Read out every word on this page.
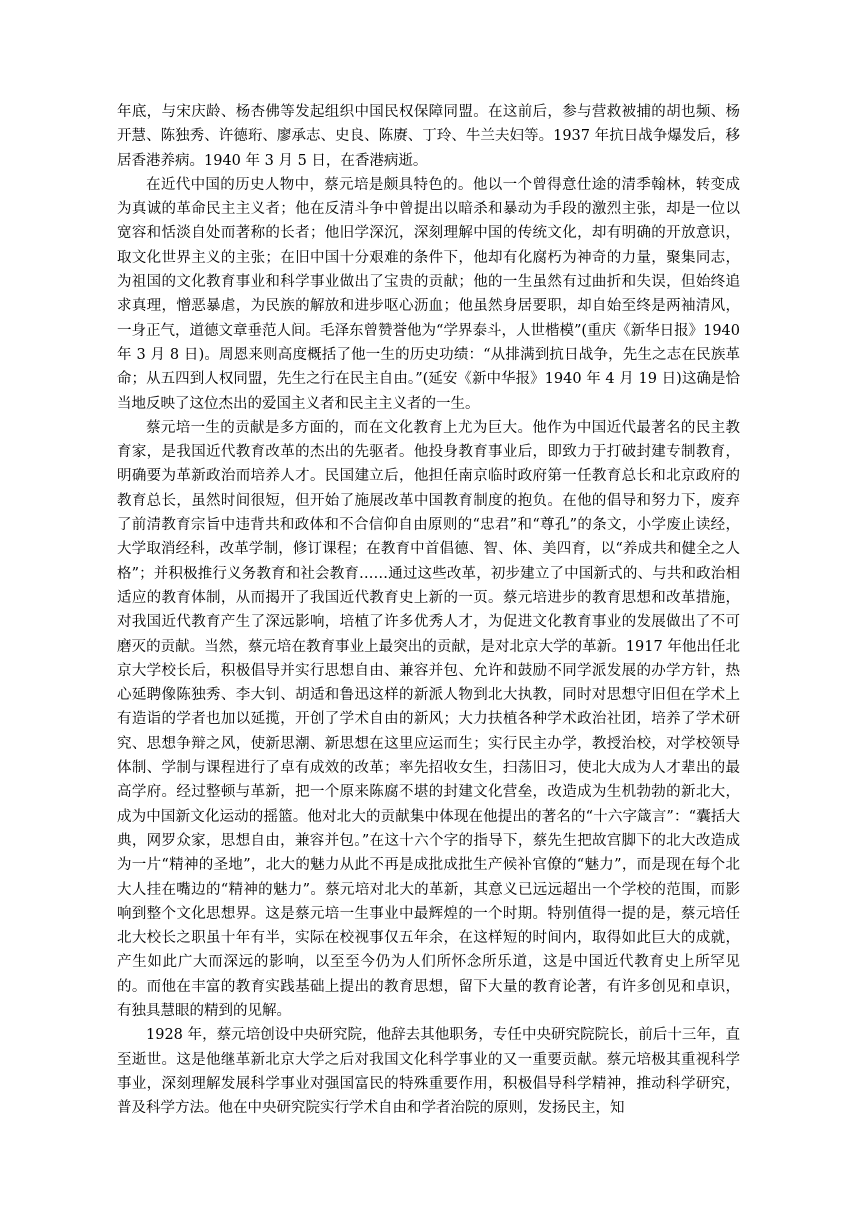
年底，与宋庆龄、杨杏佛等发起组织中国民权保障同盟。在这前后，参与营救被捕的胡也频、杨开慧、陈独秀、许德珩、廖承志、史良、陈赓、丁玲、牛兰夫妇等。1937 年抗日战争爆发后，移居香港养病。1940 年 3 月 5 日，在香港病逝。

在近代中国的历史人物中，蔡元培是颇具特色的。他以一个曾得意仕途的清季翰林，转变成为真诚的革命民主主义者；他在反清斗争中曾提出以暗杀和暴动为手段的激烈主张，却是一位以宽容和恬淡自处而著称的长者；他旧学深沉，深刻理解中国的传统文化，却有明确的开放意识，取文化世界主义的主张；在旧中国十分艰难的条件下，他却有化腐朽为神奇的力量，聚集同志，为祖国的文化教育事业和科学事业做出了宝贵的贡献；他的一生虽然有过曲折和失误，但始终追求真理，憎恶暴虐，为民族的解放和进步呕心沥血；他虽然身居要职，却自始至终是两袖清风，一身正气，道德文章垂范人间。毛泽东曾赞誉他为“学界泰斗，人世楷模”(重庆《新华日报》1940 年 3 月 8 日)。周恩来则高度概括了他一生的历史功绩：“从排满到抗日战争，先生之志在民族革命；从五四到人权同盟，先生之行在民主自由。”(延安《新中华报》1940 年 4 月 19 日)这确是恰当地反映了这位杰出的爱国主义者和民主主义者的一生。

蔡元培一生的贡献是多方面的，而在文化教育上尤为巨大。他作为中国近代最著名的民主教育家，是我国近代教育改革的杰出的先驱者。他投身教育事业后，即致力于打破封建专制教育，明确要为革新政治而培养人才。民国建立后，他担任南京临时政府第一任教育总长和北京政府的教育总长，虽然时间很短，但开始了施展改革中国教育制度的抱负。在他的倡导和努力下，废弃了前清教育宗旨中违背共和政体和不合信仰自由原则的“忠君”和“尊孔”的条文，小学废止读经，大学取消经科，改革学制，修订课程；在教育中首倡德、智、体、美四育，以“养成共和健全之人格”；并积极推行义务教育和社会教育……通过这些改革，初步建立了中国新式的、与共和政治相适应的教育体制，从而揭开了我国近代教育史上新的一页。蔡元培进步的教育思想和改革措施，对我国近代教育产生了深远影响，培植了许多优秀人才，为促进文化教育事业的发展做出了不可磨灭的贡献。当然，蔡元培在教育事业上最突出的贡献，是对北京大学的革新。1917 年他出任北京大学校长后，积极倡导并实行思想自由、兼容并包、允许和鼓励不同学派发展的办学方针，热心延聘像陈独秀、李大钊、胡适和鲁迅这样的新派人物到北大执教，同时对思想守旧但在学术上有造诣的学者也加以延揽，开创了学术自由的新风；大力扶植各种学术政治社团，培养了学术研究、思想争辩之风，使新思潮、新思想在这里应运而生；实行民主办学，教授治校，对学校领导体制、学制与课程进行了卓有成效的改革；率先招收女生，扫荡旧习，使北大成为人才辈出的最高学府。经过整顿与革新，把一个原来陈腐不堪的封建文化营垒，改造成为生机勃勃的新北大，成为中国新文化运动的摇篮。他对北大的贡献集中体现在他提出的著名的“十六字箴言”：“囊括大典，网罗众家，思想自由，兼容并包。”在这十六个字的指导下，蔡先生把故宫脚下的北大改造成为一片“精神的圣地”，北大的魅力从此不再是成批成批生产候补官僚的“魅力”，而是现在每个北大人挂在嘴边的“精神的魅力”。蔡元培对北大的革新，其意义已远远超出一个学校的范围，而影响到整个文化思想界。这是蔡元培一生事业中最辉煌的一个时期。特别值得一提的是，蔡元培任北大校长之职虽十年有半，实际在校视事仅五年余，在这样短的时间内，取得如此巨大的成就，产生如此广大而深远的影响，以至至今仍为人们所怀念所乐道，这是中国近代教育史上所罕见的。而他在丰富的教育实践基础上提出的教育思想，留下大量的教育论著，有许多创见和卓识，有独具慧眼的精到的见解。

1928 年，蔡元培创设中央研究院，他辞去其他职务，专任中央研究院院长，前后十三年，直至逝世。这是他继革新北京大学之后对我国文化科学事业的又一重要贡献。蔡元培极其重视科学事业，深刻理解发展科学事业对强国富民的特殊重要作用，积极倡导科学精神，推动科学研究，普及科学方法。他在中央研究院实行学术自由和学者治院的原则，发扬民主，知
